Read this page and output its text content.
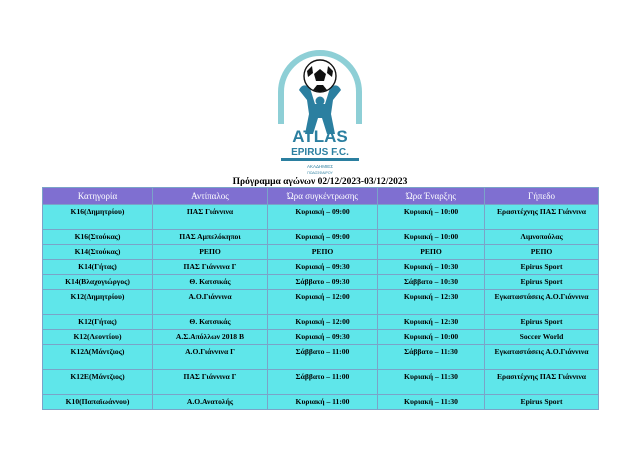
ATLAS
EPIRUS F.C.
ΑΚΑΔΗΜΙΕΣ
ΠΟΔΟΣΦΑΙΡΟΥ
Πρόγραμμα αγώνων 02/12/2023-03/12/2023
Κατηγορία	Αντίπαλος	Ώρα συγκέντρωσης	Ώρα Έναρξης	Γήπεδο
Κ16(Δημητρίου)	ΠΑΣ Γιάννινα	Κυριακή – 09:00	Κυριακή – 10:00	Ερασιτέχνης ΠΑΣ Γιάννινα
Κ16(Στούκας)	ΠΑΣ Αμπελόκηποι	Κυριακή – 09:00	Κυριακή – 10:00	Λιμνοπούλας
Κ14(Στούκας)	ΡΕΠΟ	ΡΕΠΟ	ΡΕΠΟ	ΡΕΠΟ
Κ14(Γήτας)	ΠΑΣ Γιάννινα Γ	Κυριακή – 09:30	Κυριακή – 10:30	Epirus Sport
Κ14(Βλαχογιώργος)	Θ. Κατσικάς	Σάββατο – 09:30	Σάββατο – 10:30	Epirus Sport
Κ12(Δημητρίου)	Α.Ο.Γιάννινα	Κυριακή – 12:00	Κυριακή – 12:30	Εγκαταστάσεις Α.Ο.Γιάννινα
Κ12(Γήτας)	Θ. Κατσικάς	Κυριακή – 12:00	Κυριακή – 12:30	Epirus Sport
Κ12(Λεοντίου)	Α.Σ.Απόλλων 2018 Β	Κυριακή – 09:30	Κυριακή – 10:00	Soccer World
Κ12Δ(Μάντζιος)	Α.Ο.Γιάννινα Γ	Σάββατο – 11:00	Σάββατο – 11:30	Εγκαταστάσεις Α.Ο.Γιάννινα
Κ12Ε(Μάντζιος)	ΠΑΣ Γιάννινα Γ	Σάββατο – 11:00	Κυριακή – 11:30	Ερασιτέχνης ΠΑΣ Γιάννινα
Κ10(Παπαϊωάννου)	Α.Ο.Ανατολής	Κυριακή – 11:00	Κυριακή – 11:30	Epirus Sport
